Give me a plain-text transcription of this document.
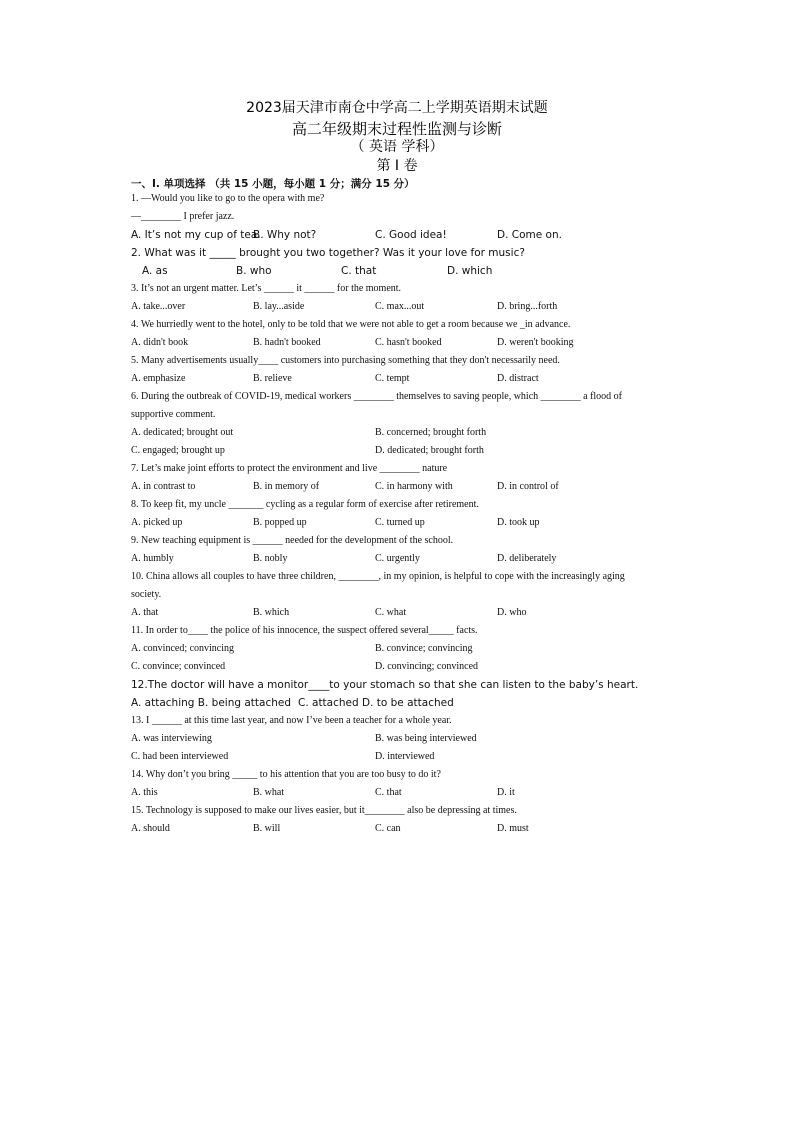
2023届天津市南仓中学高二上学期英语期末试题
高二年级期末过程性监测与诊断
（ 英语 学科）
第 Ⅰ 卷
一、I. 单项选择 （共 15 小题，每小题 1 分；满分 15 分）
1. —Would you like to go to the opera with me?
—________ I prefer jazz.
A. It’s not my cup of tea.
B. Why not?	C. Good idea!	D. Come on.
2. What was it _____ brought you two together? Was it your love for music?
A. as	B. who	C. that	D. which
3. It’s not an urgent matter. Let’s ______ it ______ for the moment.
A. take...over	B. lay...aside	C. max...out	D. bring...forth
4. We hurriedly went to the hotel, only to be told that we were not able to get a room because we _in advance.
A. didn't book	B. hadn't booked	C. hasn't booked	D. weren't booking
5. Many advertisements usually____ customers into purchasing something that they don't necessarily need.
A. emphasize	B. relieve	C. tempt	D. distract
6. During the outbreak of COVID-19, medical workers ________ themselves to saving people, which ________ a flood of
supportive comment.
A. dedicated; brought out	B. concerned; brought forth
C. engaged; brought up	D. dedicated; brought forth
7. Let’s make joint efforts to protect the environment and live ________ nature
A. in contrast to	B. in memory of	C. in harmony with	D. in control of
8. To keep fit, my uncle _______ cycling as a regular form of exercise after retirement.
A. picked up	B. popped up	C. turned up	D. took up
9. New teaching equipment is ______ needed for the development of the school.
A. humbly	B. nobly	C. urgently	D. deliberately
10. China allows all couples to have three children, ________, in my opinion, is helpful to cope with the increasingly aging
society.
A. that	B. which	C. what	D. who
11. In order to____ the police of his innocence, the suspect offered several_____ facts.
A. convinced; convincing	B. convince; convincing
C. convince; convinced	D. convincing; convinced
12.The doctor will have a monitor____to your stomach so that she can listen to the baby’s heart.
A. attaching B. being attached C. attached D. to be attached
13. I ______ at this time last year, and now I’ve been a teacher for a whole year.
A. was interviewing	B. was being interviewed
C. had been interviewed	D. interviewed
14. Why don’t you bring _____ to his attention that you are too busy to do it?
A. this	B. what	C. that	D. it
15. Technology is supposed to make our lives easier, but it________ also be depressing at times.
A. should	B. will	C. can	D. must
